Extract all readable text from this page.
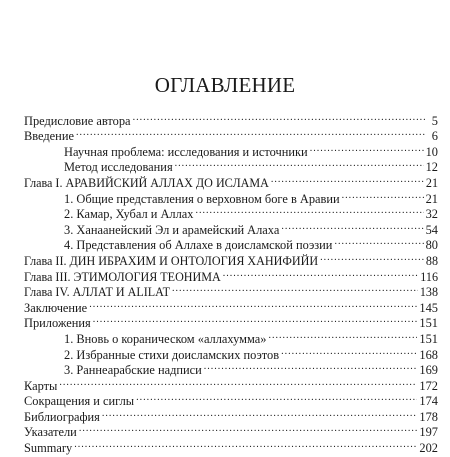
ОГЛАВЛЕНИЕ
Предисловие автора .....	5
Введение .....	6
Научная проблема: исследования и источники .....	10
Метод исследования .....	12
Глава I. АРАВИЙСКИЙ АЛЛАХ ДО ИСЛАМА .....	21
1. Общие представления о верховном боге в Аравии .....	21
2. Камар, Хубал и Аллах .....	32
3. Ханаанейский Эл и арамейский Алаха .....	54
4. Представления об Аллахе в доисламской поэзии .....	80
Глава II. ДИН ИБРАХИМ И ОНТОЛОГИЯ ХАНИФИЙИ .....	88
Глава III. ЭТИМОЛОГИЯ ТЕОНИМА .....	116
Глава IV. АЛЛАТ И ALILAT .....	138
Заключение .....	145
Приложения .....	151
1. Вновь о кораническом «аллахумма» .....	151
2. Избранные стихи доисламских поэтов .....	168
3. Раннеарабские надписи .....	169
Карты .....	172
Сокращения и сиглы .....	174
Библиография .....	178
Указатели .....	197
Summary .....	202
